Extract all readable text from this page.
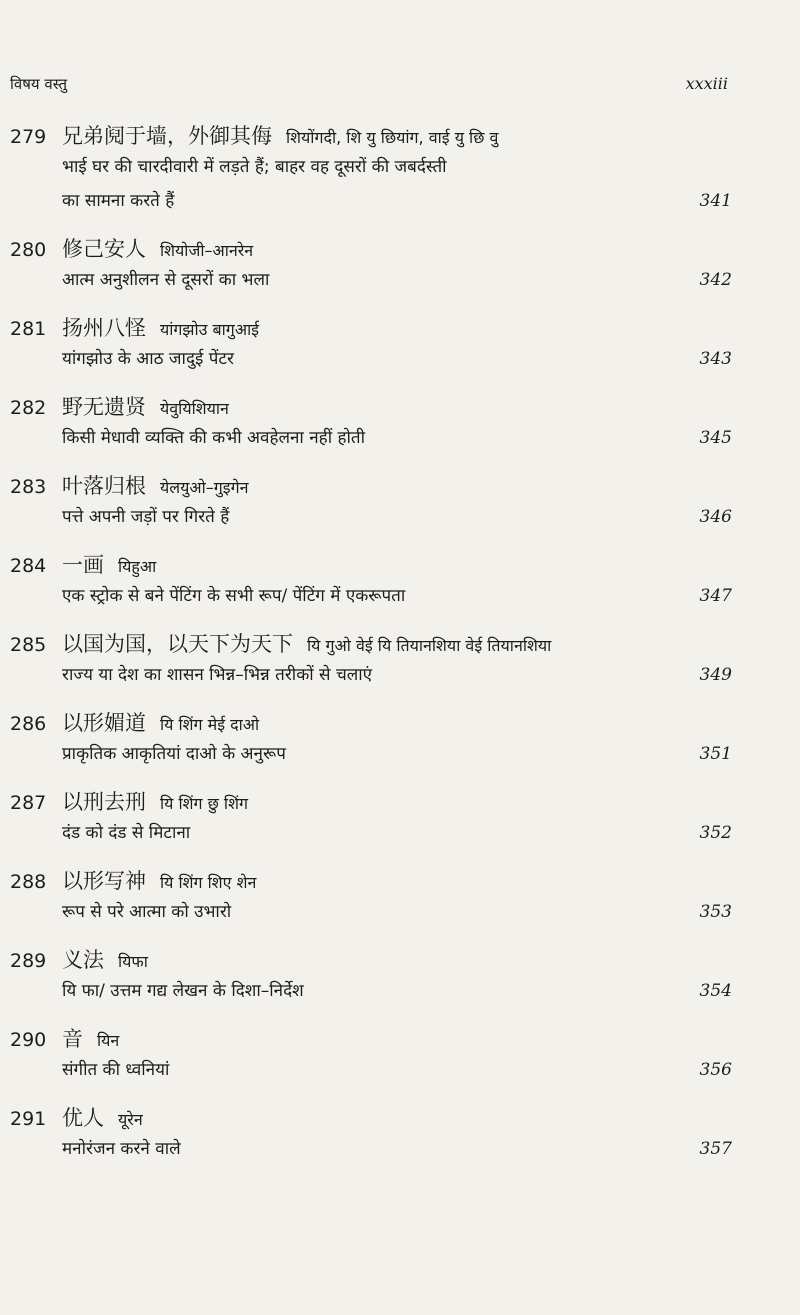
विषय वस्तु	xxxiii
279 兄弟阋于墙，外御其侮 शियोंगदी, शि यु छियांग, वाई यु छि वु
भाई घर की चारदीवारी में लड़ते हैं; बाहर वह दूसरों की जबर्दस्ती
का सामना करते हैं	341
280 修己安人 शियोजी–आनरेन
आत्म अनुशीलन से दूसरों का भला	342
281 扬州八怪 यांगझोउ बागुआई
यांगझोउ के आठ जादुई पेंटर	343
282 野无遗贤 येवुयिशियान
किसी मेधावी व्यक्ति की कभी अवहेलना नहीं होती	345
283 叶落归根 येलयुओ–गुइगेन
पत्ते अपनी जड़ों पर गिरते हैं	346
284 一画 यिहुआ
एक स्ट्रोक से बने पेंटिंग के सभी रूप/ पेंटिंग में एकरूपता	347
285 以国为国，以天下为天下 यि गुओ वेई यि तियानशिया वेई तियानशिया
राज्य या देश का शासन भिन्न–भिन्न तरीकों से चलाएं	349
286 以形媚道 यि शिंग मेई दाओ
प्राकृतिक आकृतियां दाओ के अनुरूप	351
287 以刑去刑 यि शिंग छु शिंग
दंड को दंड से मिटाना	352
288 以形写神 यि शिंग शिए शेन
रूप से परे आत्मा को उभारो	353
289 义法 यिफा
यि फा/ उत्तम गद्य लेखन के दिशा–निर्देश	354
290 音 यिन
संगीत की ध्वनियां	356
291 优人 यूरेन
मनोरंजन करने वाले	357
